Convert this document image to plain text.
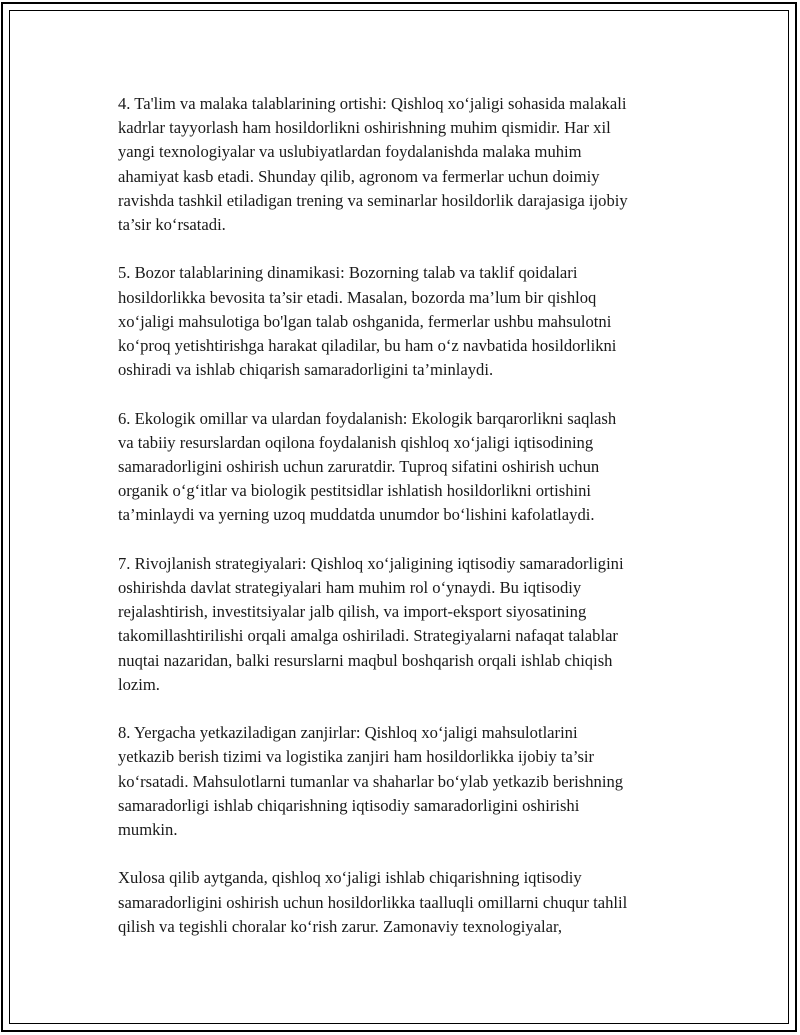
4. Ta'lim va malaka talablarining ortishi: Qishloq xo‘jaligi sohasida malakali
kadrlar tayyorlash ham hosildorlikni oshirishning muhim qismidir. Har xil
yangi texnologiyalar va uslubiyatlardan foydalanishda malaka muhim
ahamiyat kasb etadi. Shunday qilib, agronom va fermerlar uchun doimiy
ravishda tashkil etiladigan trening va seminarlar hosildorlik darajasiga ijobiy
ta’sir ko‘rsatadi.

5. Bozor talablarining dinamikasi: Bozorning talab va taklif qoidalari
hosildorlikka bevosita ta’sir etadi. Masalan, bozorda ma’lum bir qishloq
xo‘jaligi mahsulotiga bo'lgan talab oshganida, fermerlar ushbu mahsulotni
ko‘proq yetishtirishga harakat qiladilar, bu ham o‘z navbatida hosildorlikni
oshiradi va ishlab chiqarish samaradorligini ta’minlaydi.

6. Ekologik omillar va ulardan foydalanish: Ekologik barqarorlikni saqlash
va tabiiy resurslardan oqilona foydalanish qishloq xo‘jaligi iqtisodining
samaradorligini oshirish uchun zaruratdir. Tuproq sifatini oshirish uchun
organik o‘g‘itlar va biologik pestitsidlar ishlatish hosildorlikni ortishini
ta’minlaydi va yerning uzoq muddatda unumdor bo‘lishini kafolatlaydi.

7. Rivojlanish strategiyalari: Qishloq xo‘jaligining iqtisodiy samaradorligini
oshirishda davlat strategiyalari ham muhim rol o‘ynaydi. Bu iqtisodiy
rejalashtirish, investitsiyalar jalb qilish, va import-eksport siyosatining
takomillashtirilishi orqali amalga oshiriladi. Strategiyalarni nafaqat talablar
nuqtai nazaridan, balki resurslarni maqbul boshqarish orqali ishlab chiqish
lozim.

8. Yergacha yetkaziladigan zanjirlar: Qishloq xo‘jaligi mahsulotlarini
yetkazib berish tizimi va logistika zanjiri ham hosildorlikka ijobiy ta’sir
ko‘rsatadi. Mahsulotlarni tumanlar va shaharlar bo‘ylab yetkazib berishning
samaradorligi ishlab chiqarishning iqtisodiy samaradorligini oshirishi
mumkin.

Xulosa qilib aytganda, qishloq xo‘jaligi ishlab chiqarishning iqtisodiy
samaradorligini oshirish uchun hosildorlikka taalluqli omillarni chuqur tahlil
qilish va tegishli choralar ko‘rish zarur. Zamonaviy texnologiyalar,
